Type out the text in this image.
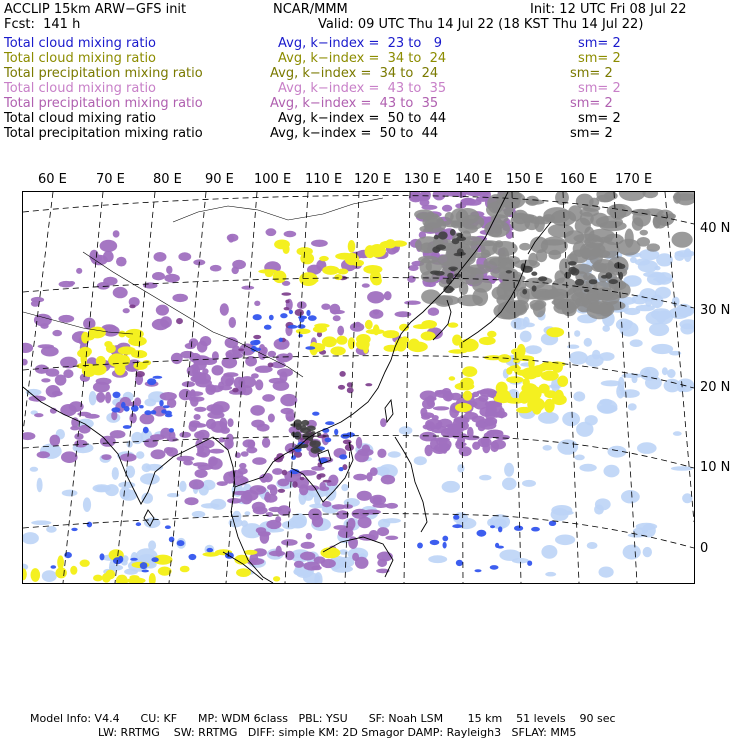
ACCLIP 15km ARW−GFS init	NCAR/MMM	Init: 12 UTC Fri 08 Jul 22
Fcst:  141 h	Valid: 09 UTC Thu 14 Jul 22 (18 KST Thu 14 Jul 22)
Total cloud mixing ratio	Avg, k−index =  23 to   9	sm= 2
Total cloud mixing ratio	Avg, k−index =  34 to  24	sm= 2
Total precipitation mixing ratio	Avg, k−index =  34 to  24	sm= 2
Total cloud mixing ratio	Avg, k−index =  43 to  35	sm= 2
Total precipitation mixing ratio	Avg, k−index =  43 to  35	sm= 2
Total cloud mixing ratio	Avg, k−index =  50 to  44	sm= 2
Total precipitation mixing ratio	Avg, k−index =  50 to  44	sm= 2
60 E 70 E 80 E 90 E 100 E 110 E 120 E 130 E 140 E 150 E 160 E 170 E
40 N
30 N
20 N
10 N
0
Model Info: V4.4      CU: KF      MP: WDM 6class   PBL: YSU      SF: Noah LSM       15 km    51 levels    90 sec
LW: RRTMG    SW: RRTMG   DIFF: simple KM: 2D Smagor DAMP: Rayleigh3   SFLAY: MM5
